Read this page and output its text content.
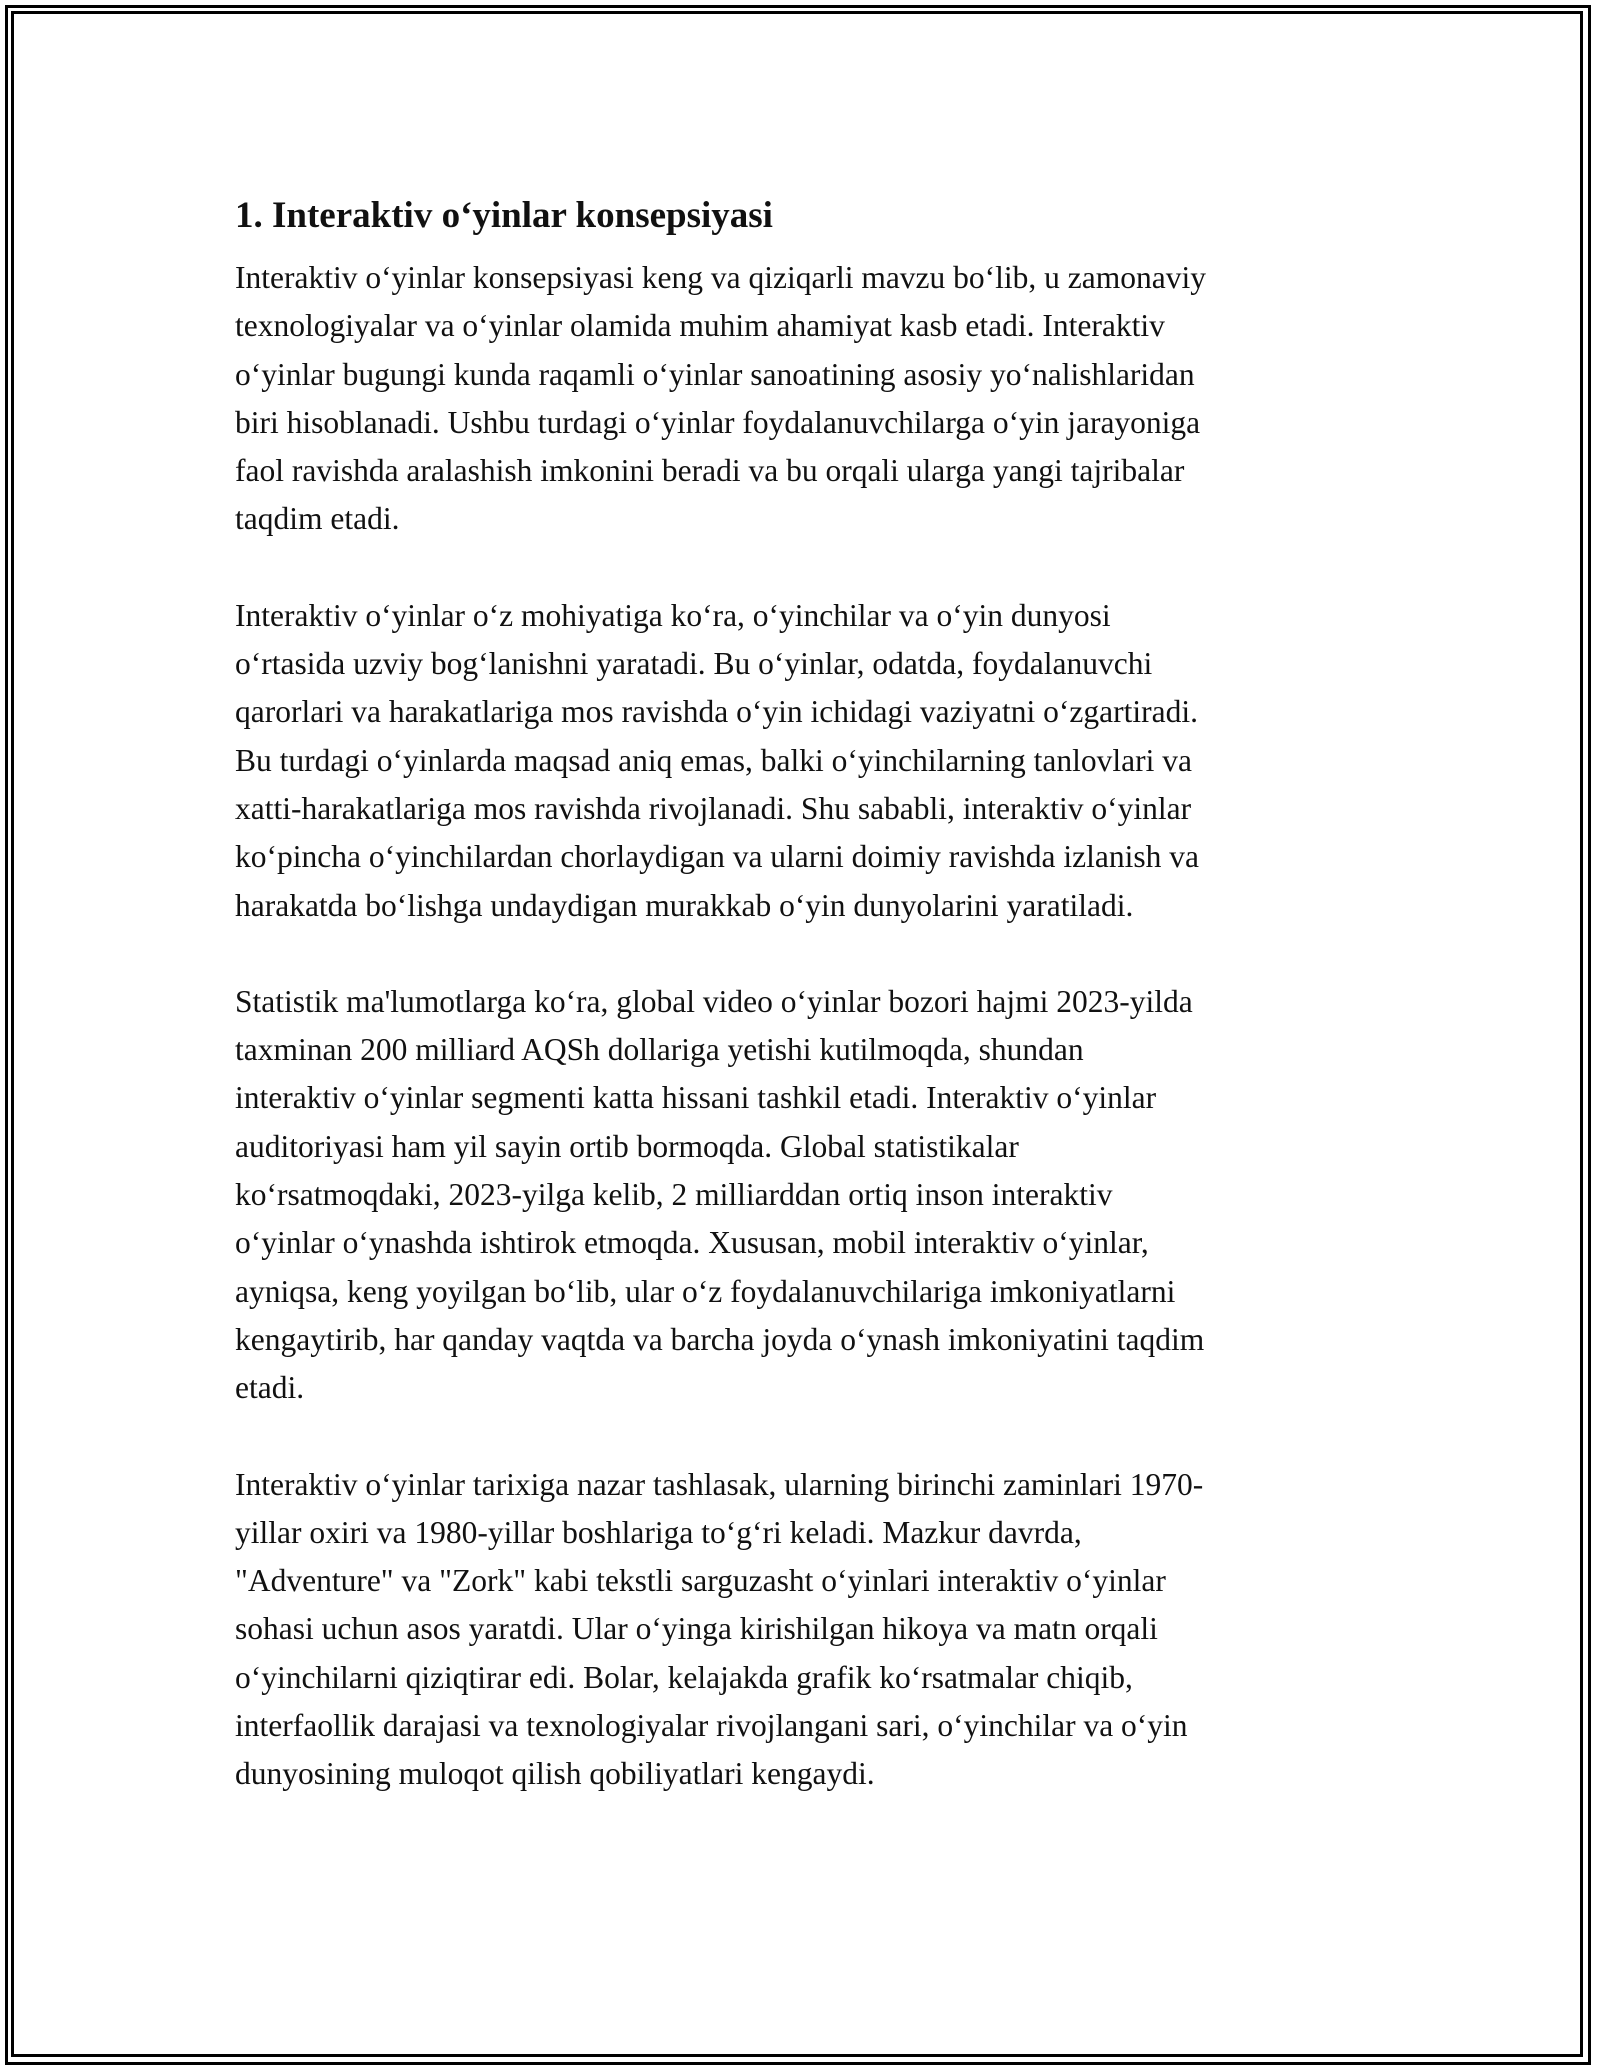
1. Interaktiv o‘yinlar konsepsiyasi
Interaktiv o‘yinlar konsepsiyasi keng va qiziqarli mavzu bo‘lib, u zamonaviy
texnologiyalar va o‘yinlar olamida muhim ahamiyat kasb etadi. Interaktiv
o‘yinlar bugungi kunda raqamli o‘yinlar sanoatining asosiy yo‘nalishlaridan
biri hisoblanadi. Ushbu turdagi o‘yinlar foydalanuvchilarga o‘yin jarayoniga
faol ravishda aralashish imkonini beradi va bu orqali ularga yangi tajribalar
taqdim etadi.
Interaktiv o‘yinlar o‘z mohiyatiga ko‘ra, o‘yinchilar va o‘yin dunyosi
o‘rtasida uzviy bog‘lanishni yaratadi. Bu o‘yinlar, odatda, foydalanuvchi
qarorlari va harakatlariga mos ravishda o‘yin ichidagi vaziyatni o‘zgartiradi.
Bu turdagi o‘yinlarda maqsad aniq emas, balki o‘yinchilarning tanlovlari va
xatti-harakatlariga mos ravishda rivojlanadi. Shu sababli, interaktiv o‘yinlar
ko‘pincha o‘yinchilardan chorlaydigan va ularni doimiy ravishda izlanish va
harakatda bo‘lishga undaydigan murakkab o‘yin dunyolarini yaratiladi.
Statistik ma'lumotlarga ko‘ra, global video o‘yinlar bozori hajmi 2023-yilda
taxminan 200 milliard AQSh dollariga yetishi kutilmoqda, shundan
interaktiv o‘yinlar segmenti katta hissani tashkil etadi. Interaktiv o‘yinlar
auditoriyasi ham yil sayin ortib bormoqda. Global statistikalar
ko‘rsatmoqdaki, 2023-yilga kelib, 2 milliarddan ortiq inson interaktiv
o‘yinlar o‘ynashda ishtirok etmoqda. Xususan, mobil interaktiv o‘yinlar,
ayniqsa, keng yoyilgan bo‘lib, ular o‘z foydalanuvchilariga imkoniyatlarni
kengaytirib, har qanday vaqtda va barcha joyda o‘ynash imkoniyatini taqdim
etadi.
Interaktiv o‘yinlar tarixiga nazar tashlasak, ularning birinchi zaminlari 1970-
yillar oxiri va 1980-yillar boshlariga to‘g‘ri keladi. Mazkur davrda,
"Adventure" va "Zork" kabi tekstli sarguzasht o‘yinlari interaktiv o‘yinlar
sohasi uchun asos yaratdi. Ular o‘yinga kirishilgan hikoya va matn orqali
o‘yinchilarni qiziqtirar edi. Bolar, kelajakda grafik ko‘rsatmalar chiqib,
interfaollik darajasi va texnologiyalar rivojlangani sari, o‘yinchilar va o‘yin
dunyosining muloqot qilish qobiliyatlari kengaydi.
